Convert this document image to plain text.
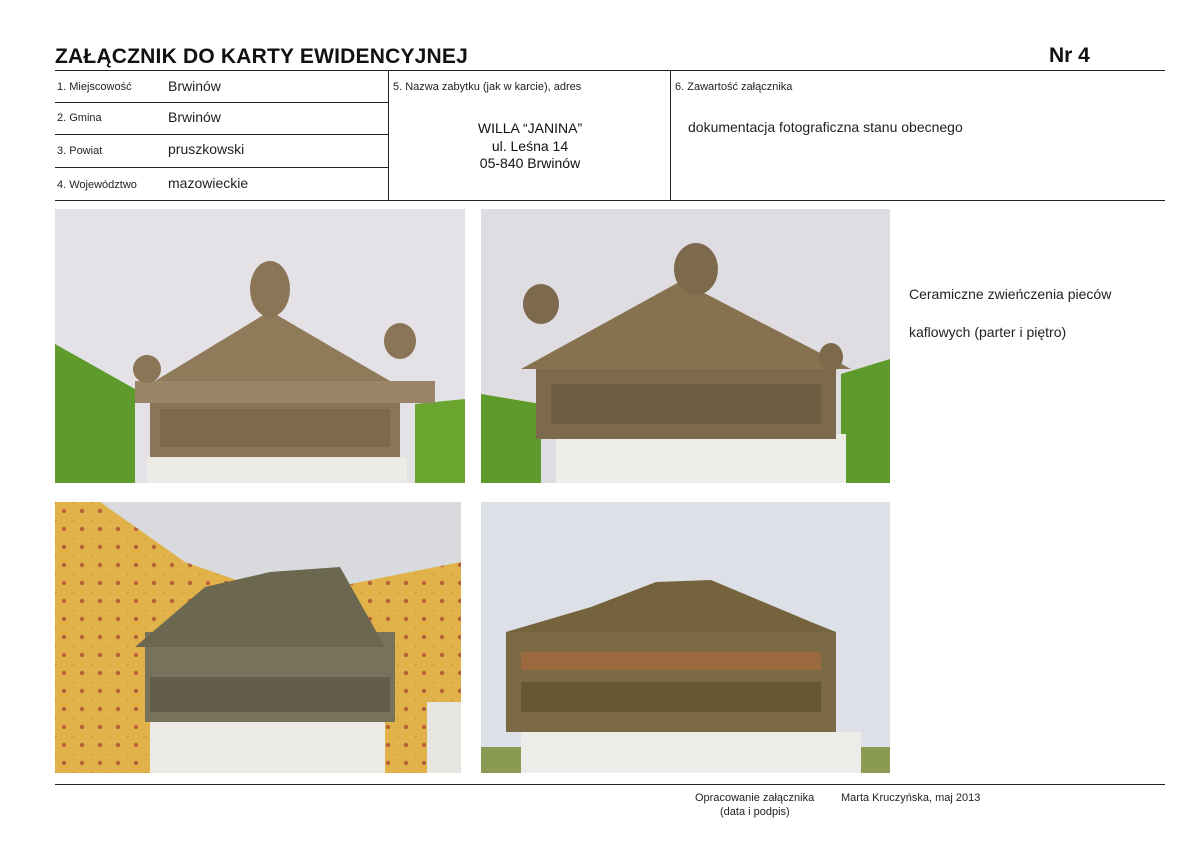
ZAŁĄCZNIK DO KARTY EWIDENCYJNEJ	Nr 4
1. Miejscowość	Brwinów
2. Gmina	Brwinów
3. Powiat	pruszkowski
4. Województwo mazowieckie
5. Nazwa zabytku (jak w karcie), adres
WILLA “JANINA”
ul. Leśna 14
05-840 Brwinów
6. Zawartość załącznika
dokumentacja fotograficzna stanu obecnego
Ceramiczne zwieńczenia pieców
kaflowych (parter i piętro)
Opracowanie załącznika
(data i podpis)
Marta Kruczyńska, maj 2013
